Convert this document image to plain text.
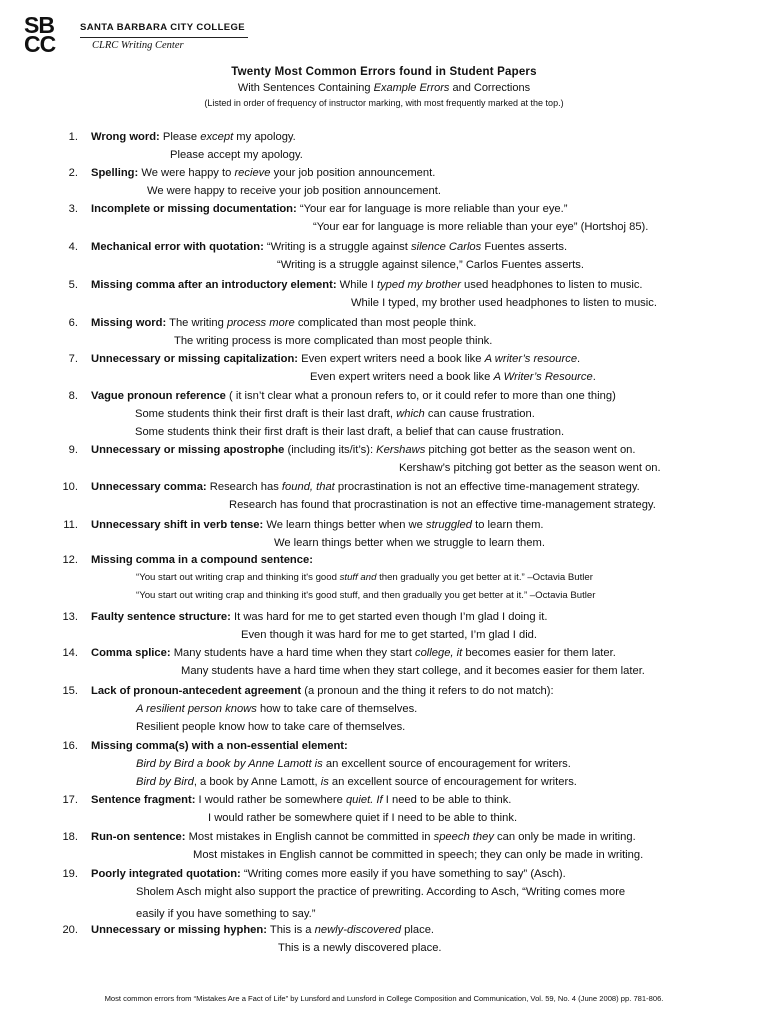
SB
CC
SANTA BARBARA CITY COLLEGE
CLRC Writing Center
Twenty Most Common Errors found in Student Papers
With Sentences Containing Example Errors and Corrections
(Listed in order of frequency of instructor marking, with most frequently marked at the top.)
1. Wrong word: Please except my apology.
Please accept my apology.
2. Spelling: We were happy to recieve your job position announcement.
We were happy to receive your job position announcement.
3. Incomplete or missing documentation: “Your ear for language is more reliable than your eye.”
“Your ear for language is more reliable than your eye” (Hortshoj 85).
4. Mechanical error with quotation: “Writing is a struggle against silence Carlos Fuentes asserts.
“Writing is a struggle against silence,” Carlos Fuentes asserts.
5. Missing comma after an introductory element: While I typed my brother used headphones to listen to music.
While I typed, my brother used headphones to listen to music.
6. Missing word: The writing process more complicated than most people think.
The writing process is more complicated than most people think.
7. Unnecessary or missing capitalization: Even expert writers need a book like A writer’s resource.
Even expert writers need a book like A Writer’s Resource.
8. Vague pronoun reference ( it isn’t clear what a pronoun refers to, or it could refer to more than one thing)
Some students think their first draft is their last draft, which can cause frustration.
Some students think their first draft is their last draft, a belief that can cause frustration.
9. Unnecessary or missing apostrophe (including its/it’s): Kershaws pitching got better as the season went on.
Kershaw’s pitching got better as the season went on.
10. Unnecessary comma: Research has found, that procrastination is not an effective time-management strategy.
Research has found that procrastination is not an effective time-management strategy.
11. Unnecessary shift in verb tense: We learn things better when we struggled to learn them.
We learn things better when we struggle to learn them.
12. Missing comma in a compound sentence:
“You start out writing crap and thinking it's good stuff and then gradually you get better at it.” –Octavia Butler
“You start out writing crap and thinking it's good stuff, and then gradually you get better at it.” –Octavia Butler
13. Faulty sentence structure: It was hard for me to get started even though I’m glad I doing it.
Even though it was hard for me to get started, I’m glad I did.
14. Comma splice: Many students have a hard time when they start college, it becomes easier for them later.
Many students have a hard time when they start college, and it becomes easier for them later.
15. Lack of pronoun-antecedent agreement (a pronoun and the thing it refers to do not match):
A resilient person knows how to take care of themselves.
Resilient people know how to take care of themselves.
16. Missing comma(s) with a non-essential element:
Bird by Bird a book by Anne Lamott is an excellent source of encouragement for writers.
Bird by Bird, a book by Anne Lamott, is an excellent source of encouragement for writers.
17. Sentence fragment: I would rather be somewhere quiet. If I need to be able to think.
I would rather be somewhere quiet if I need to be able to think.
18. Run-on sentence: Most mistakes in English cannot be committed in speech they can only be made in writing.
Most mistakes in English cannot be committed in speech; they can only be made in writing.
19. Poorly integrated quotation: “Writing comes more easily if you have something to say” (Asch).
Sholem Asch might also support the practice of prewriting. According to Asch, “Writing comes more
easily if you have something to say.”
20. Unnecessary or missing hyphen: This is a newly-discovered place.
This is a newly discovered place.
Most common errors from “Mistakes Are a Fact of Life” by Lunsford and Lunsford in College Composition and Communication, Vol. 59, No. 4 (June 2008) pp. 781-806.
